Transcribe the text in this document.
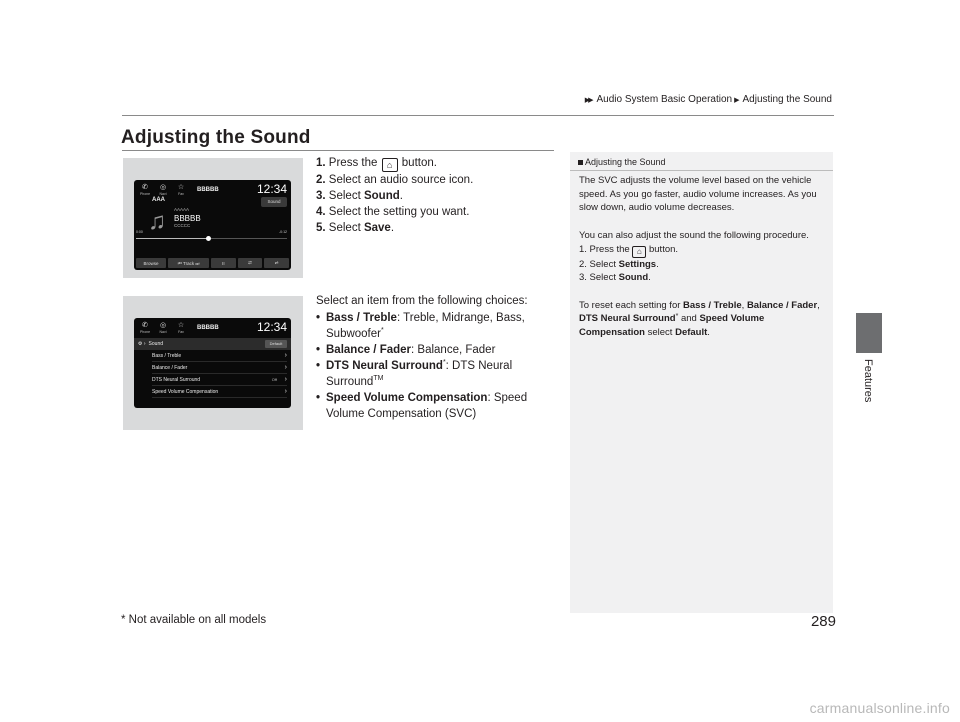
▶▶ Audio System Basic Operation ▶ Adjusting the Sound
Adjusting the Sound
Features
✆
Phone
◎
Navi
☆
Fav
BBBBB	12:34
AAA	Sound
♫ AAAAA
BBBBB
CCCCC
0:00	-0:12
Browse	⏮ Track ⏭	II	⇄	⇌
✆
Phone
◎
Navi
☆
Fav
BBBBB	12:34
⚙ › Sound	Default
Bass / Treble	›
Balance / Fader	›
DTS Neural Surround	Off ›
Speed Volume Compensation	›
1. Press the ⌂ button.
2. Select an audio source icon.
3. Select Sound.
4. Select the setting you want.
5. Select Save.
Select an item from the following choices:
• Bass / Treble: Treble, Midrange, Bass, Subwoofer*
• Balance / Fader: Balance, Fader
• DTS Neural Surround*: DTS Neural Surround™
• Speed Volume Compensation: Speed Volume Compensation (SVC)
Adjusting the Sound

The SVC adjusts the volume level based on the vehicle speed. As you go faster, audio volume increases. As you slow down, audio volume decreases.

You can also adjust the sound the following procedure.
1. Press the ⌂ button.
2. Select Settings.

3. Select Sound.

To reset each setting for Bass / Treble, Balance / Fader, DTS Neural Surround* and Speed Volume Compensation select Default.

* Not available on all models	289
carmanualsonline.info
